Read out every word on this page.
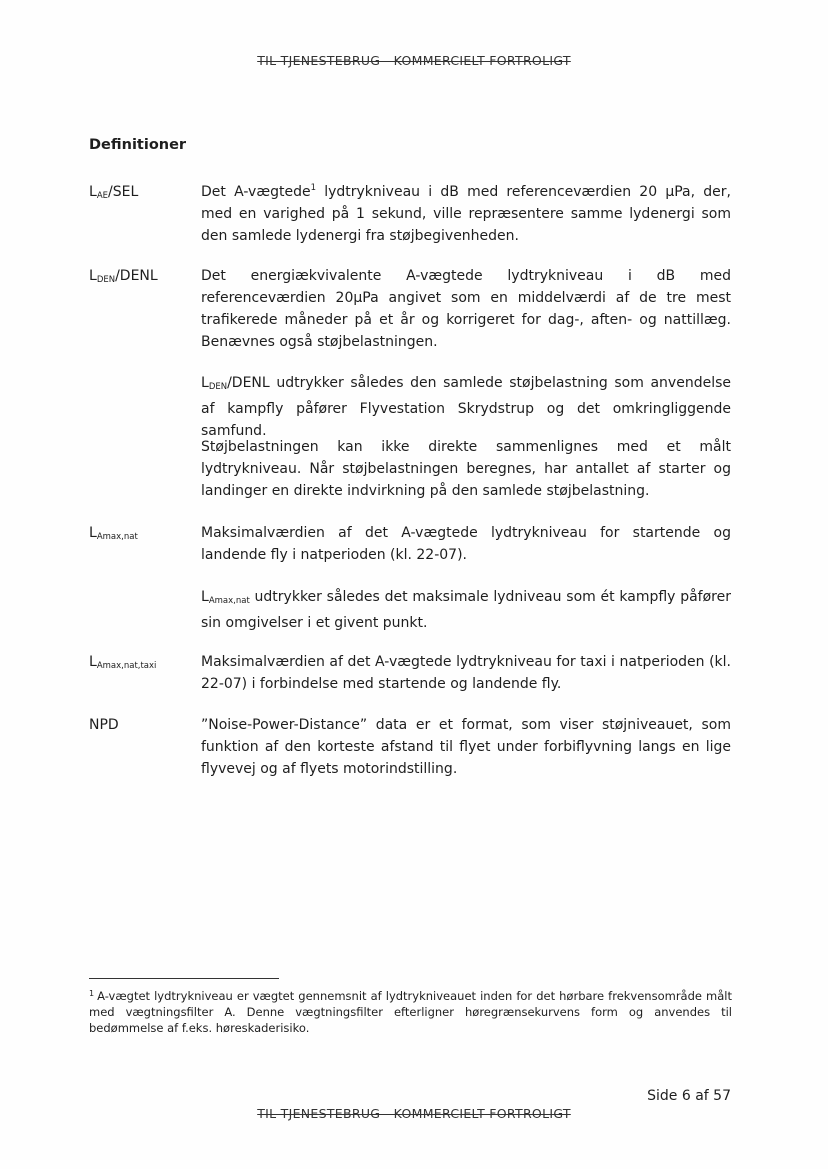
TIL TJENESTEBRUG - KOMMERCIELT FORTROLIGT
Definitioner
$L_{AE}$/SEL	Det A-vægtede$^1$ lydtrykniveau i dB med referenceværdien 20 µPa, der, med en varighed på 1 sekund, ville repræsentere samme lydenergi som den samlede lydenergi fra støjbegivenheden.
$L_{DEN}$/DENL	Det energiækvivalente A-vægtede lydtrykniveau i dB med referenceværdien 20µPa angivet som en middelværdi af de tre mest trafikerede måneder på et år og korrigeret for dag-, aften- og nattillæg. Benævnes også støjbelastningen.
$L_{DEN}$/DENL udtrykker således den samlede støjbelastning som anvendelse af kampfly påfører Flyvestation Skrydstrup og det omkringliggende samfund.
Støjbelastningen kan ikke direkte sammenlignes med et målt lydtrykniveau. Når støjbelastningen beregnes, har antallet af starter og landinger en direkte indvirkning på den samlede støjbelastning.
$L_{Amax,nat}$	Maksimalværdien af det A-vægtede lydtrykniveau for startende og landende fly i natperioden (kl. 22-07).
$L_{Amax,nat}$ udtrykker således det maksimale lydniveau som ét kampfly påfører sin omgivelser i et givent punkt.
$L_{Amax,nat,taxi}$	Maksimalværdien af det A-vægtede lydtrykniveau for taxi i natperioden (kl. 22-07) i forbindelse med startende og landende fly.
NPD	”Noise-Power-Distance” data er et format, som viser støjniveauet, som funktion af den korteste afstand til flyet under forbiflyvning langs en lige flyvevej og af flyets motorindstilling.
$^1$ A-vægtet lydtrykniveau er vægtet gennemsnit af lydtrykniveauet inden for det hørbare frekvensområde målt med vægtningsfilter A. Denne vægtningsfilter efterligner høregrænsekurvens form og anvendes til bedømmelse af f.eks. høreskaderisiko.
Side 6 af 57
TIL TJENESTEBRUG - KOMMERCIELT FORTROLIGT
